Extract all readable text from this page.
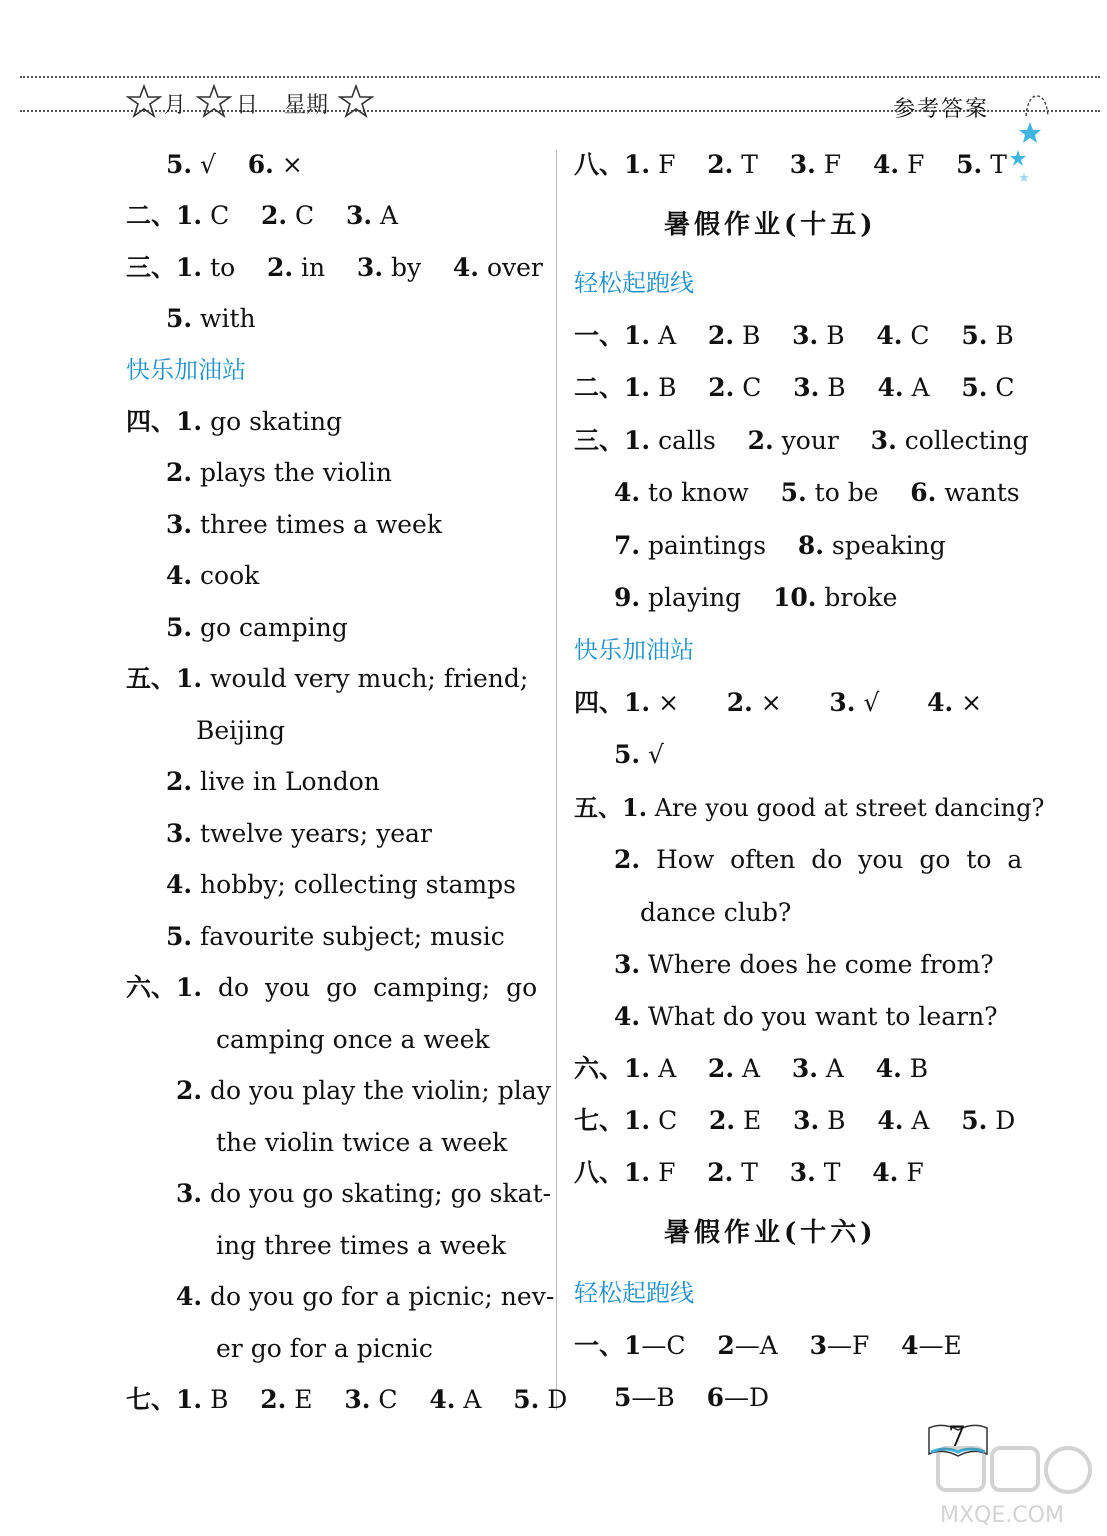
月 日 星期	参考答案
5. √    6. ×
二、1. C    2. C    3. A
三、1. to    2. in    3. by    4. over
5. with
快乐加油站
四、1. go skating
2. plays the violin
3. three times a week
4. cook
5. go camping
五、1. would very much; friend;
Beijing
2. live in London
3. twelve years; year
4. hobby; collecting stamps
5. favourite subject; music
六、1.  do  you  go  camping;  go
camping once a week
2. do you play the violin; play
the violin twice a week
3. do you go skating; go skat-
ing three times a week
4. do you go for a picnic; nev-
er go for a picnic
七、1. B    2. E    3. C    4. A    5. D
八、1. F    2. T    3. F    4. F    5. T
暑假作业(十五)
轻松起跑线
一、1. A    2. B    3. B    4. C    5. B
二、1. B    2. C    3. B    4. A    5. C
三、1. calls    2. your    3. collecting
4. to know    5. to be    6. wants
7. paintings    8. speaking
9. playing    10. broke
快乐加油站
四、1. ×      2. ×      3. √      4. ×
5. √
五、1. Are you good at street dancing?
2.  How  often  do  you  go  to  a
dance club?
3. Where does he come from?
4. What do you want to learn?
六、1. A    2. A    3. A    4. B
七、1. C    2. E    3. B    4. A    5. D
八、1. F    2. T    3. T    4. F
暑假作业(十六)
轻松起跑线
一、1—C    2—A    3—F    4—E
5—B    6—D
7
MXQE.COM
